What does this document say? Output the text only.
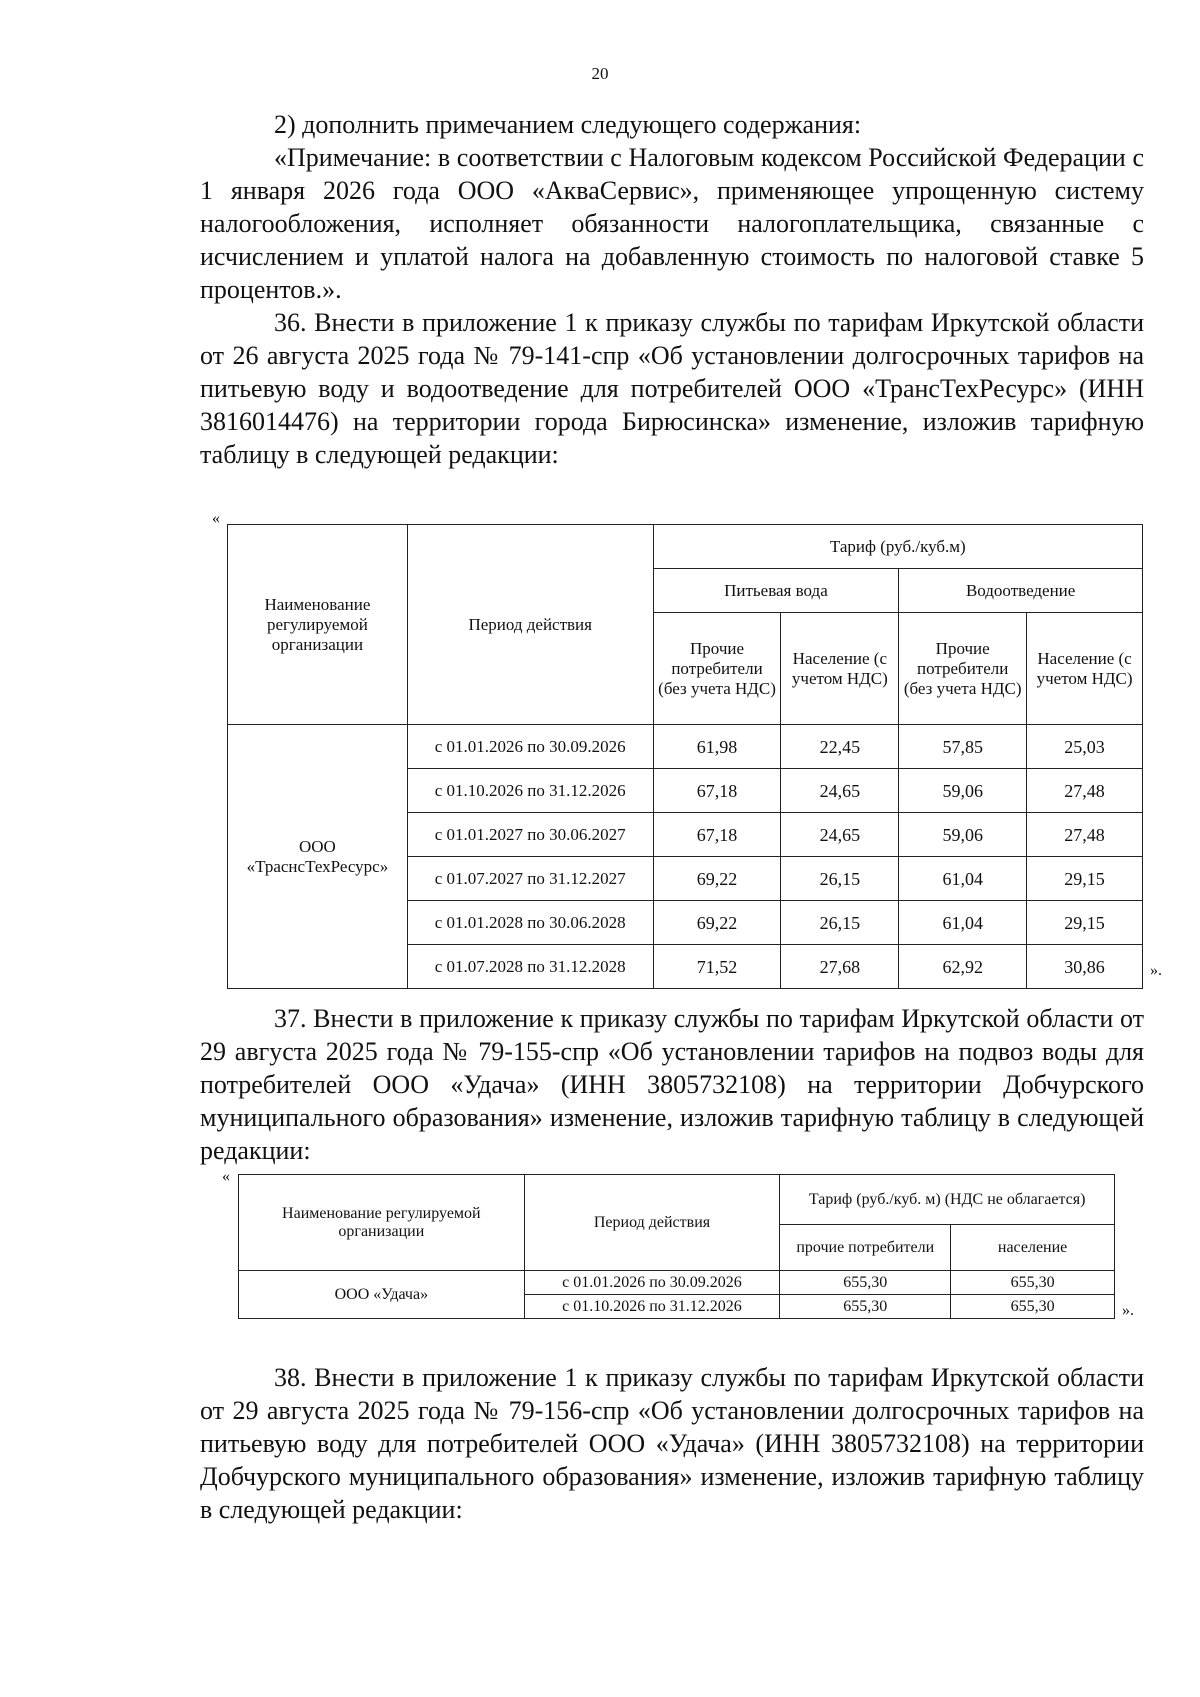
20

2) дополнить примечанием следующего содержания:

«Примечание: в соответствии с Налоговым кодексом Российской Федерации с 1 января 2026 года ООО «АкваСервис», применяющее упрощенную систему налогообложения, исполняет обязанности налогоплательщика, связанные с исчислением и уплатой налога на добавленную стоимость по налоговой ставке 5 процентов.».

36. Внести в приложение 1 к приказу службы по тарифам Иркутской области от 26 августа 2025 года № 79-141-спр «Об установлении долгосрочных тарифов на питьевую воду и водоотведение для потребителей ООО «ТрансТехРесурс» (ИНН 3816014476) на территории города Бирюсинска» изменение, изложив тарифную таблицу в следующей редакции:

«
Наименование регулируемой организации	Период действия	Тариф (руб./куб.м)			
		Питьевая вода		Водоотведение	
		Прочие потребители (без учета НДС)	Население (с учетом НДС)	Прочие потребители (без учета НДС)	Население (с учетом НДС)
ООО «ТраснсТехРесурс»	с 01.01.2026 по 30.09.2026	61,98	22,45	57,85	25,03
	с 01.10.2026 по 31.12.2026	67,18	24,65	59,06	27,48
	с 01.01.2027 по 30.06.2027	67,18	24,65	59,06	27,48
	с 01.07.2027 по 31.12.2027	69,22	26,15	61,04	29,15
	с 01.01.2028 по 30.06.2028	69,22	26,15	61,04	29,15
	с 01.07.2028 по 31.12.2028	71,52	27,68	62,92	30,86	».

37. Внести в приложение к приказу службы по тарифам Иркутской области от 29 августа 2025 года № 79-155-спр «Об установлении тарифов на подвоз воды для потребителей ООО «Удача» (ИНН 3805732108) на территории Добчурского муниципального образования» изменение, изложив тарифную таблицу в следующей редакции:

«
Наименование регулируемой организации	Период действия	Тариф (руб./куб. м) (НДС не облагается)	
		прочие потребители	население
ООО «Удача»	с 01.01.2026 по 30.09.2026	655,30	655,30
	с 01.10.2026 по 31.12.2026	655,30	655,30	».

38. Внести в приложение 1 к приказу службы по тарифам Иркутской области от 29 августа 2025 года № 79-156-спр «Об установлении долгосрочных тарифов на питьевую воду для потребителей ООО «Удача» (ИНН 3805732108) на территории Добчурского муниципального образования» изменение, изложив тарифную таблицу в следующей редакции:
